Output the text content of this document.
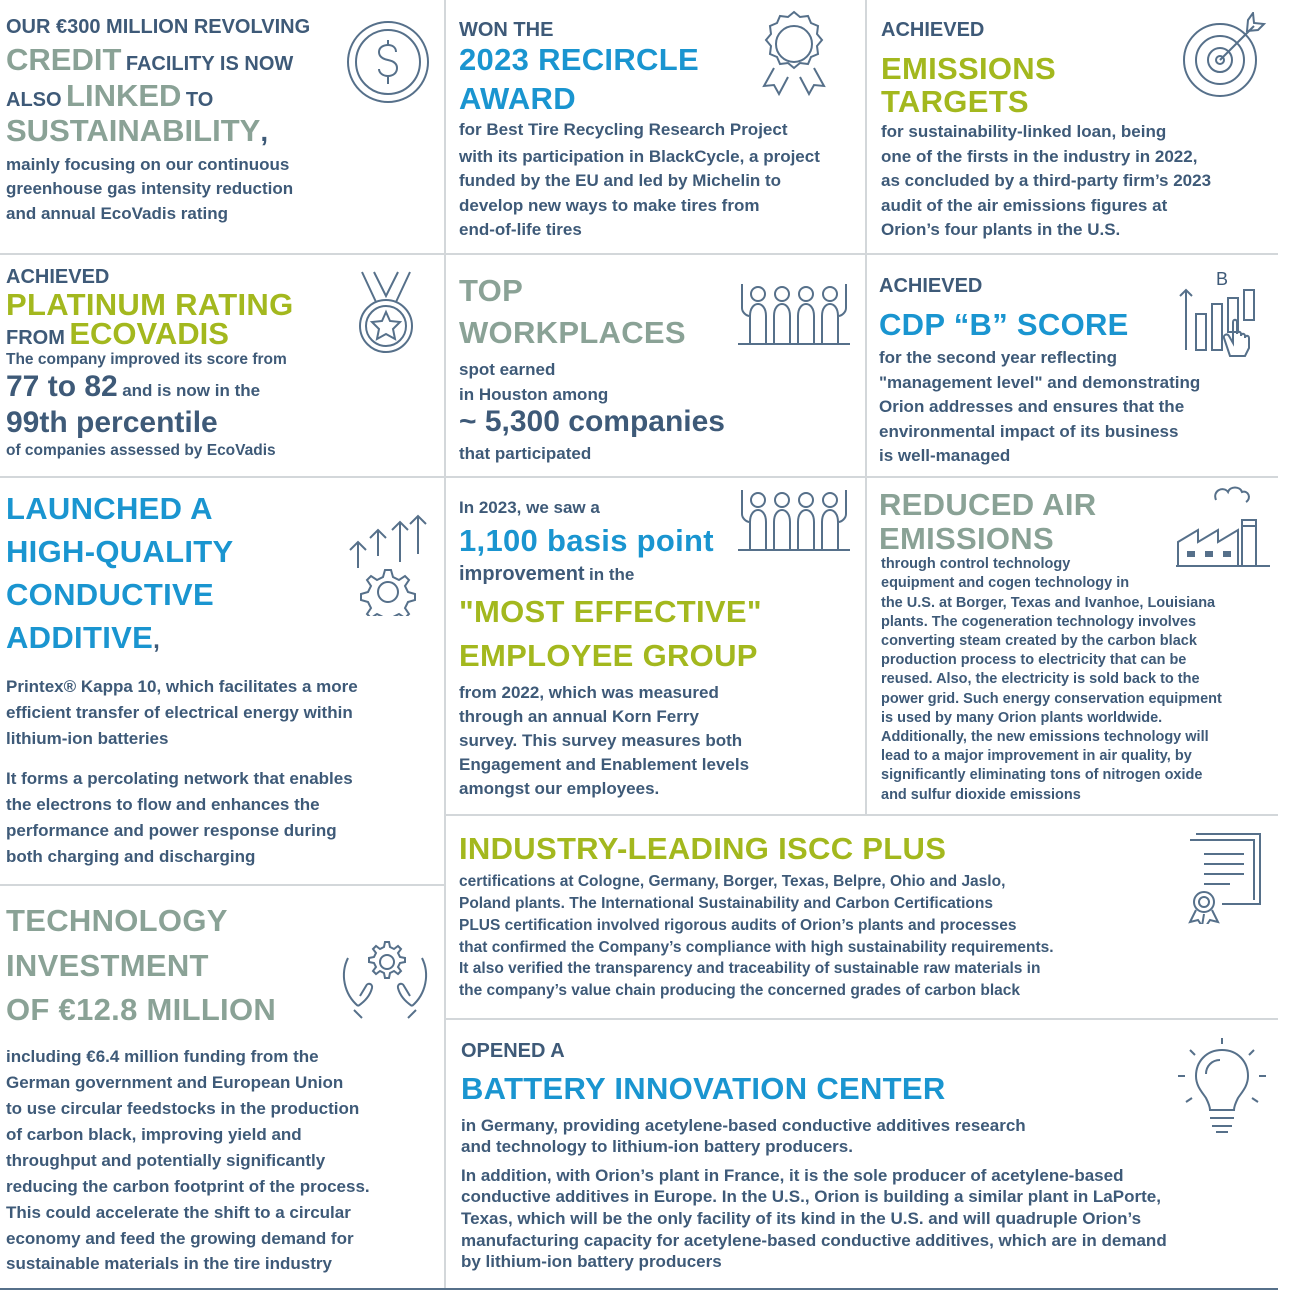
OUR €300 MILLION REVOLVING
CREDIT FACILITY IS NOW
ALSO LINKED TO
SUSTAINABILITY,
mainly focusing on our continuous
greenhouse gas intensity reduction
and annual EcoVadis rating
WON THE
2023 RECIRCLE
AWARD
for Best Tire Recycling Research Project
with its participation in BlackCycle, a project
funded by the EU and led by Michelin to
develop new ways to make tires from
end-of-life tires
ACHIEVED
EMISSIONS
TARGETS
for sustainability-linked loan, being
one of the firsts in the industry in 2022,
as concluded by a third-party firm’s 2023
audit of the air emissions figures at
Orion’s four plants in the U.S.
ACHIEVED
PLATINUM RATING
FROM ECOVADIS
The company improved its score from
77 to 82 and is now in the
99th percentile
of companies assessed by EcoVadis
TOP
WORKPLACES
spot earned
in Houston among
~ 5,300 companies
that participated
ACHIEVED
CDP “B” SCORE
for the second year reflecting
"management level" and demonstrating
Orion addresses and ensures that the
environmental impact of its business
is well-managed
B
LAUNCHED A
HIGH-QUALITY
CONDUCTIVE
ADDITIVE,
Printex® Kappa 10, which facilitates a more
efficient transfer of electrical energy within
lithium-ion batteries
It forms a percolating network that enables
the electrons to flow and enhances the
performance and power response during
both charging and discharging
In 2023, we saw a
1,100 basis point
improvement in the
"MOST EFFECTIVE"
EMPLOYEE GROUP
from 2022, which was measured
through an annual Korn Ferry
survey. This survey measures both
Engagement and Enablement levels
amongst our employees.
REDUCED AIR
EMISSIONS
through control technology
equipment and cogen technology in
the U.S. at Borger, Texas and Ivanhoe, Louisiana
plants. The cogeneration technology involves
converting steam created by the carbon black
production process to electricity that can be
reused. Also, the electricity is sold back to the
power grid. Such energy conservation equipment
is used by many Orion plants worldwide.
Additionally, the new emissions technology will
lead to a major improvement in air quality, by
significantly eliminating tons of nitrogen oxide
and sulfur dioxide emissions
INDUSTRY-LEADING ISCC PLUS
certifications at Cologne, Germany, Borger, Texas, Belpre, Ohio and Jaslo,
Poland plants. The International Sustainability and Carbon Certifications
PLUS certification involved rigorous audits of Orion’s plants and processes
that confirmed the Company’s compliance with high sustainability requirements.
It also verified the transparency and traceability of sustainable raw materials in
the company’s value chain producing the concerned grades of carbon black
TECHNOLOGY
INVESTMENT
OF €12.8 MILLION
including €6.4 million funding from the
German government and European Union
to use circular feedstocks in the production
of carbon black, improving yield and
throughput and potentially significantly
reducing the carbon footprint of the process.
This could accelerate the shift to a circular
economy and feed the growing demand for
sustainable materials in the tire industry
OPENED A
BATTERY INNOVATION CENTER
in Germany, providing acetylene-based conductive additives research
and technology to lithium-ion battery producers.
In addition, with Orion’s plant in France, it is the sole producer of acetylene-based
conductive additives in Europe. In the U.S., Orion is building a similar plant in LaPorte,
Texas, which will be the only facility of its kind in the U.S. and will quadruple Orion’s
manufacturing capacity for acetylene-based conductive additives, which are in demand
by lithium-ion battery producers
